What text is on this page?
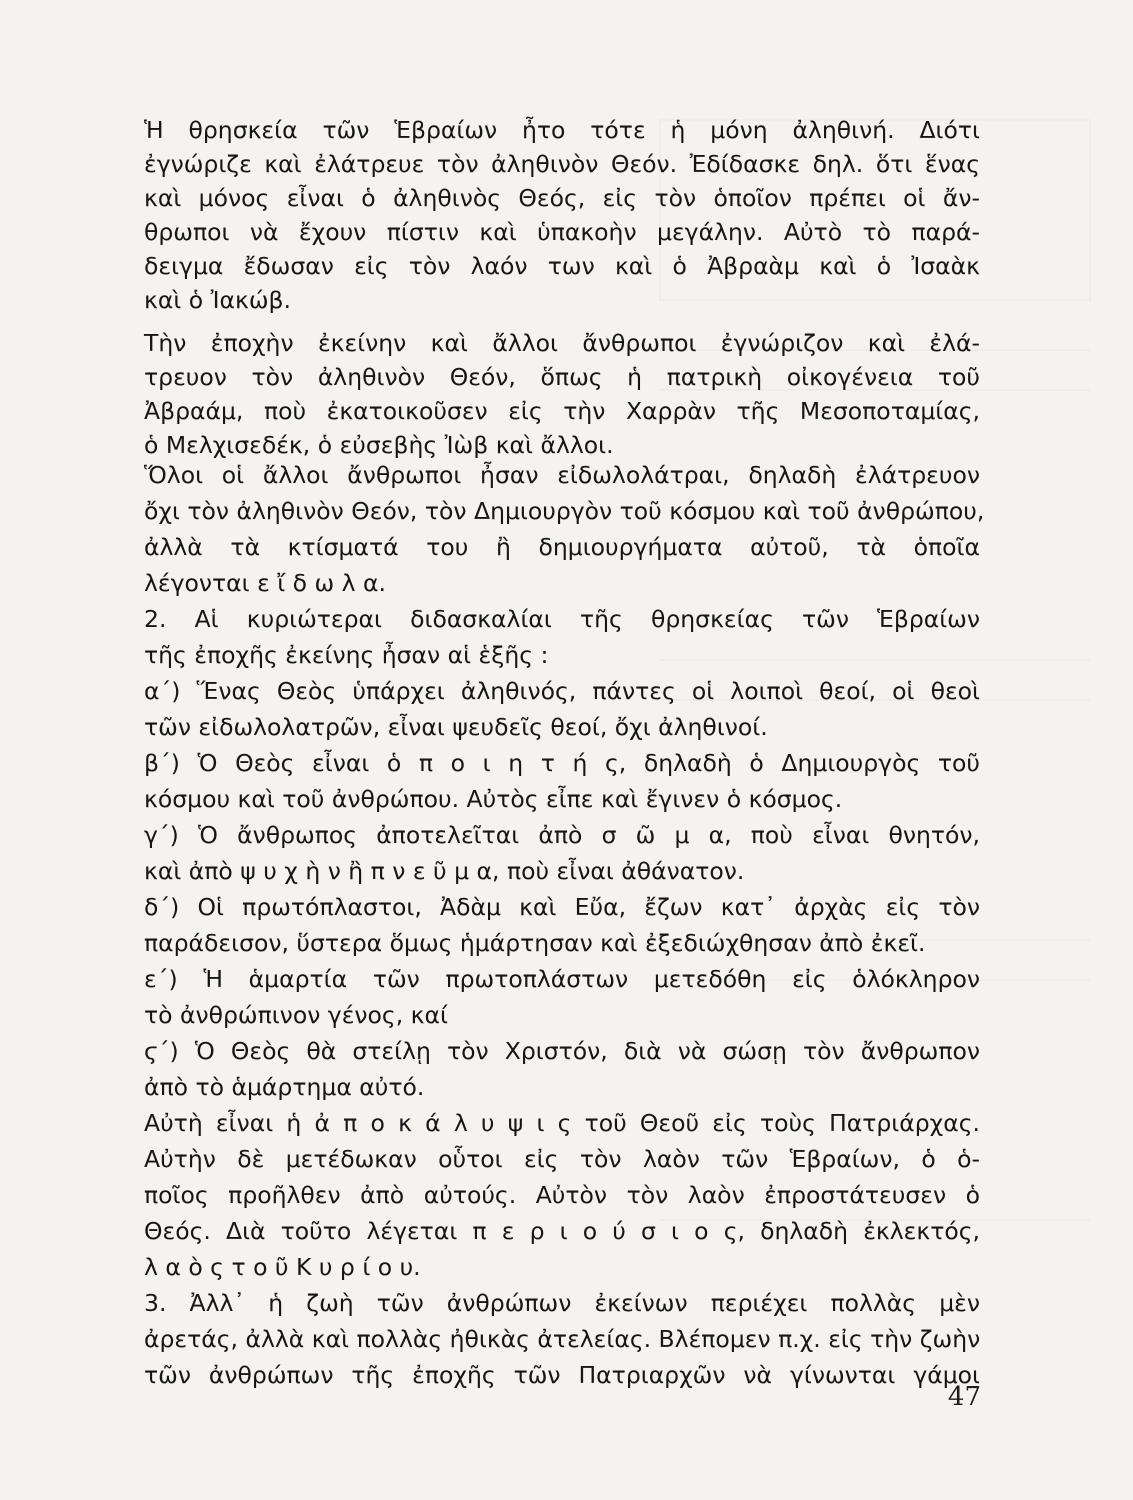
Ἡ θρησκεία τῶν Ἑβραίων ἦτο τότε ἡ μόνη ἀληθινή. Διότι
ἐγνώριζε καὶ ἐλάτρευε τὸν ἀληθινὸν Θεόν. Ἐδίδασκε δηλ. ὅτι ἕνας
καὶ μόνος εἶναι ὁ ἀληθινὸς Θεός, εἰς τὸν ὁποῖον πρέπει οἱ ἄν-
θρωποι νὰ ἔχουν πίστιν καὶ ὑπακοὴν μεγάλην. Αὐτὸ τὸ παρά-
δειγμα ἔδωσαν εἰς τὸν λαόν των καὶ ὁ Ἀβραὰμ καὶ ὁ Ἰσαὰκ
καὶ ὁ Ἰακώβ.
Τὴν ἐποχὴν ἐκείνην καὶ ἄλλοι ἄνθρωποι ἐγνώριζον καὶ ἐλά-
τρευον τὸν ἀληθινὸν Θεόν, ὅπως ἡ πατρικὴ οἰκογένεια τοῦ
Ἀβραάμ, ποὺ ἐκατοικοῦσεν εἰς τὴν Χαρρὰν τῆς Μεσοποταμίας,
ὁ Μελχισεδέκ, ὁ εὐσεβὴς Ἰὼβ καὶ ἄλλοι.
Ὅλοι οἱ ἄλλοι ἄνθρωποι ἦσαν εἰδωλολάτραι, δηλαδὴ ἐλάτρευον
ὄχι τὸν ἀληθινὸν Θεόν, τὸν Δημιουργὸν τοῦ κόσμου καὶ τοῦ ἀνθρώπου,
ἀλλὰ τὰ κτίσματά του ἢ δημιουργήματα αὐτοῦ, τὰ ὁποῖα
λέγονται ε ἴ δ ω λ α.
2. Αἱ κυριώτεραι διδασκαλίαι τῆς θρησκείας τῶν Ἑβραίων
τῆς ἐποχῆς ἐκείνης ἦσαν αἱ ἑξῆς :
α΄) Ἕνας Θεὸς ὑπάρχει ἀληθινός, πάντες οἱ λοιποὶ θεοί, οἱ θεοὶ
τῶν εἰδωλολατρῶν, εἶναι ψευδεῖς θεοί, ὄχι ἀληθινοί.
β΄) Ὁ Θεὸς εἶναι ὁ π ο ι η τ ή ς, δηλαδὴ ὁ Δημιουργὸς τοῦ
κόσμου καὶ τοῦ ἀνθρώπου. Αὐτὸς εἶπε καὶ ἔγινεν ὁ κόσμος.
γ΄) Ὁ ἄνθρωπος ἀποτελεῖται ἀπὸ σ ῶ μ α, ποὺ εἶναι θνητόν,
καὶ ἀπὸ ψ υ χ ὴ ν ἢ π ν ε ῦ μ α, ποὺ εἶναι ἀθάνατον.
δ΄) Οἱ πρωτόπλαστοι, Ἀδὰμ καὶ Εὔα, ἔζων κατ᾿ ἀρχὰς εἰς τὸν
παράδεισον, ὕστερα ὅμως ἡμάρτησαν καὶ ἐξεδιώχθησαν ἀπὸ ἐκεῖ.
ε΄) Ἡ ἁμαρτία τῶν πρωτοπλάστων μετεδόθη εἰς ὁλόκληρον
τὸ ἀνθρώπινον γένος, καί
ϛ΄) Ὁ Θεὸς θὰ στείλῃ τὸν Χριστόν, διὰ νὰ σώσῃ τὸν ἄνθρωπον
ἀπὸ τὸ ἁμάρτημα αὐτό.
Αὐτὴ εἶναι ἡ ἀ π ο κ ά λ υ ψ ι ς τοῦ Θεοῦ εἰς τοὺς Πατριάρχας.
Αὐτὴν δὲ μετέδωκαν οὗτοι εἰς τὸν λαὸν τῶν Ἑβραίων, ὁ ὁ-
ποῖος προῆλθεν ἀπὸ αὐτούς. Αὐτὸν τὸν λαὸν ἐπροστάτευσεν ὁ
Θεός. Διὰ τοῦτο λέγεται π ε ρ ι ο ύ σ ι ο ς, δηλαδὴ ἐκλεκτός,
λ α ὸ ς τ ο ῦ Κ υ ρ ί ο υ.
3. Ἀλλ᾿ ἡ ζωὴ τῶν ἀνθρώπων ἐκείνων περιέχει πολλὰς μὲν
ἀρετάς, ἀλλὰ καὶ πολλὰς ἠθικὰς ἀτελείας. Βλέπομεν π.χ. εἰς τὴν ζωὴν
τῶν ἀνθρώπων τῆς ἐποχῆς τῶν Πατριαρχῶν νὰ γίνωνται γάμοι
47
